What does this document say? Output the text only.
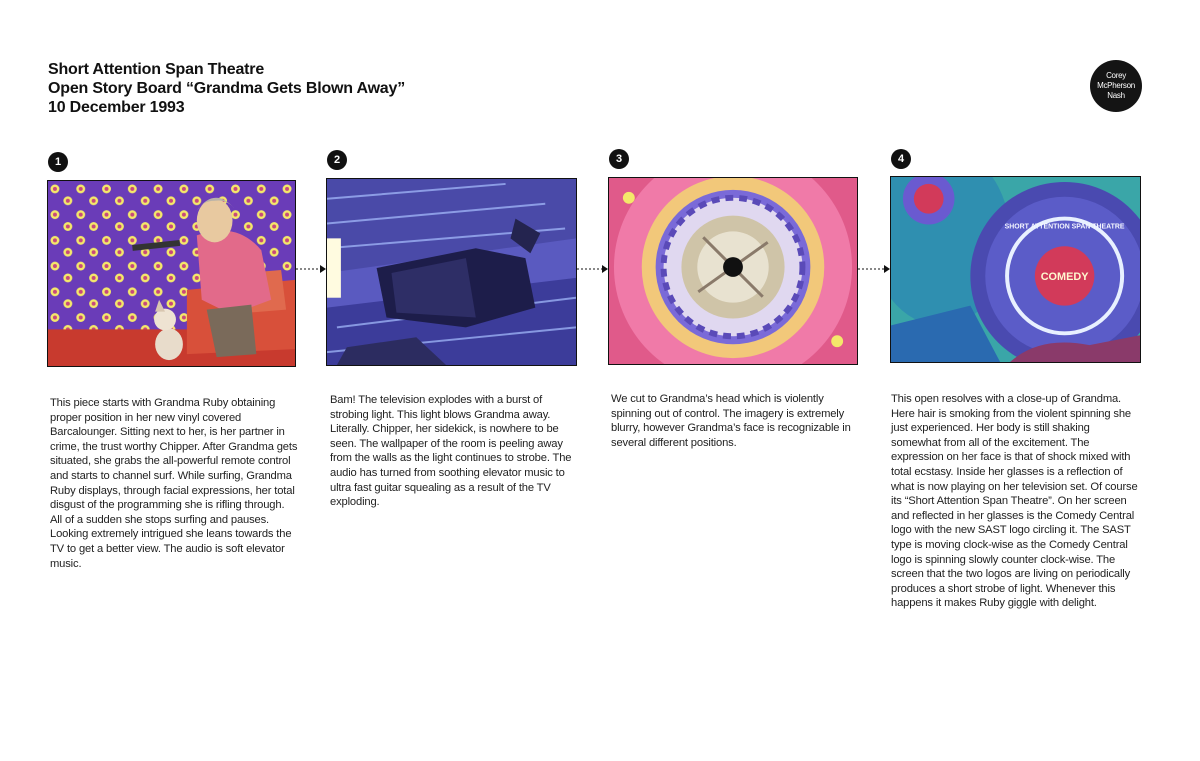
Short Attention Span Theatre
Open Story Board “Grandma Gets Blown Away”
10 December 1993
Corey
McPherson
Nash
1	2	3	4
COMEDY
SHORT ATTENTION SPAN THEATRE
This piece starts with Grandma Ruby obtaining proper position in her new vinyl covered Barcalounger. Sitting next to her, is her partner in crime, the trust worthy Chipper. After Grandma gets situated, she grabs the all-powerful remote control and starts to channel surf. While surfing, Grandma Ruby displays, through facial expressions, her total disgust of the programming she is rifling through. All of a sudden she stops surfing and pauses. Looking extremely intrigued she leans towards the TV to get a better view. The audio is soft elevator music.
Bam! The television explodes with a burst of strobing light. This light blows Grandma away. Literally. Chipper, her sidekick, is nowhere to be seen. The wallpaper of the room is peeling away from the walls as the light continues to strobe. The audio has turned from soothing elevator music to ultra fast guitar squealing as a result of the TV exploding.
We cut to Grandma’s head which is violently spinning out of control. The imagery is extremely blurry, however Grandma’s face is recognizable in several different positions.
This open resolves with a close-up of Grandma. Here hair is smoking from the violent spinning she just experienced. Her body is still shaking somewhat from all of the excitement. The expression on her face is that of shock mixed with total ecstasy. Inside her glasses is a reflection of what is now playing on her television set. Of course its “Short Attention Span Theatre”. On her screen and reflected in her glasses is the Comedy Central logo with the new SAST logo circling it. The SAST type is moving clock-wise as the Comedy Central logo is spinning slowly counter clock-wise. The screen that the two logos are living on periodically produces a short strobe of light. Whenever this happens it makes Ruby giggle with delight.
